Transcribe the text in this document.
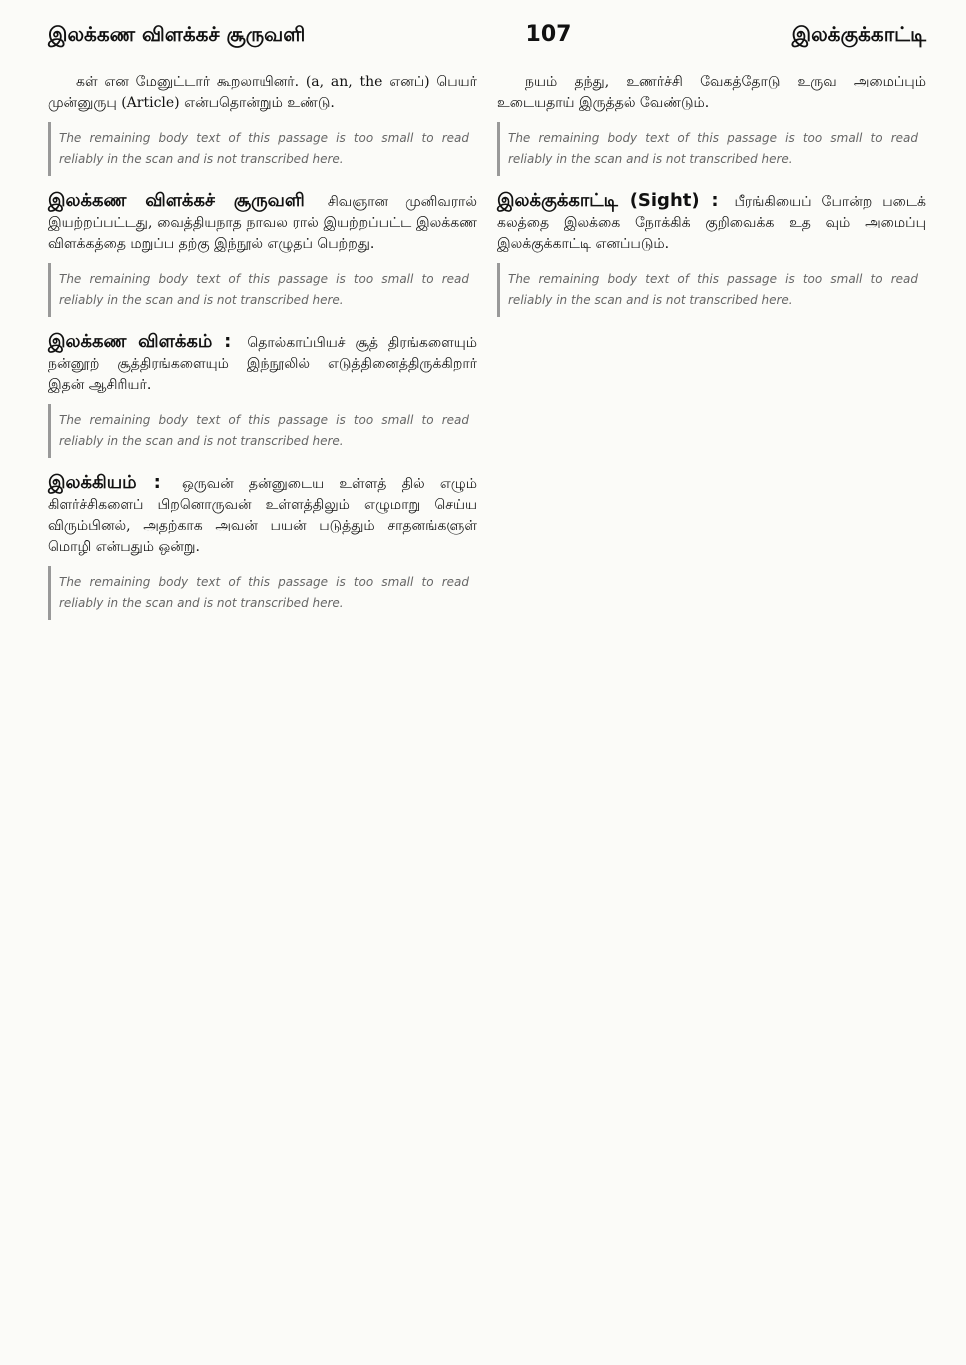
இலக்கண விளக்கச் சூருவளி	107	இலக்குக்காட்டி

கள் என மேனுட்டார் கூறலாயினர். (a, an, the எனப்) பெயர் முன்னுருபு (Article) என்பதொன்றும் உண்டு.

The remaining body text of this passage is too small to read reliably in the scan and is not transcribed here.
இலக்கண விளக்கச் சூருவளி சிவஞான முனிவரால் இயற்றப்பட்டது, வைத்தியநாத நாவல ரால் இயற்றப்பட்ட இலக்கண விளக்கத்தை மறுப்ப தற்கு இந்நூல் எழுதப் பெற்றது.
The remaining body text of this passage is too small to read reliably in the scan and is not transcribed here.
இலக்கண விளக்கம் : தொல்காப்பியச் சூத் திரங்களையும் நன்னூற் சூத்திரங்களையும் இந்நூலில் எடுத்தினைத்திருக்கிறார் இதன் ஆசிரியர்.
The remaining body text of this passage is too small to read reliably in the scan and is not transcribed here.
இலக்கியம் : ஒருவன் தன்னுடைய உள்ளத் தில் எழும் கிளர்ச்சிகளைப் பிறனொருவன் உள்ளத்திலும் எழுமாறு செய்ய விரும்பினல், அதற்காக அவன் பயன் படுத்தும் சாதனங்களுள் மொழி என்பதும் ஒன்று.
The remaining body text of this passage is too small to read reliably in the scan and is not transcribed here.

நயம் தந்து, உணர்ச்சி வேகத்தோடு உருவ அமைப்பும் உடையதாய் இருத்தல் வேண்டும்.

The remaining body text of this passage is too small to read reliably in the scan and is not transcribed here.
இலக்குக்காட்டி (Sight) : பீரங்கியைப் போன்ற படைக் கலத்தை இலக்கை நோக்கிக் குறிவைக்க உத வும் அமைப்பு இலக்குக்காட்டி எனப்படும்.
The remaining body text of this passage is too small to read reliably in the scan and is not transcribed here.
